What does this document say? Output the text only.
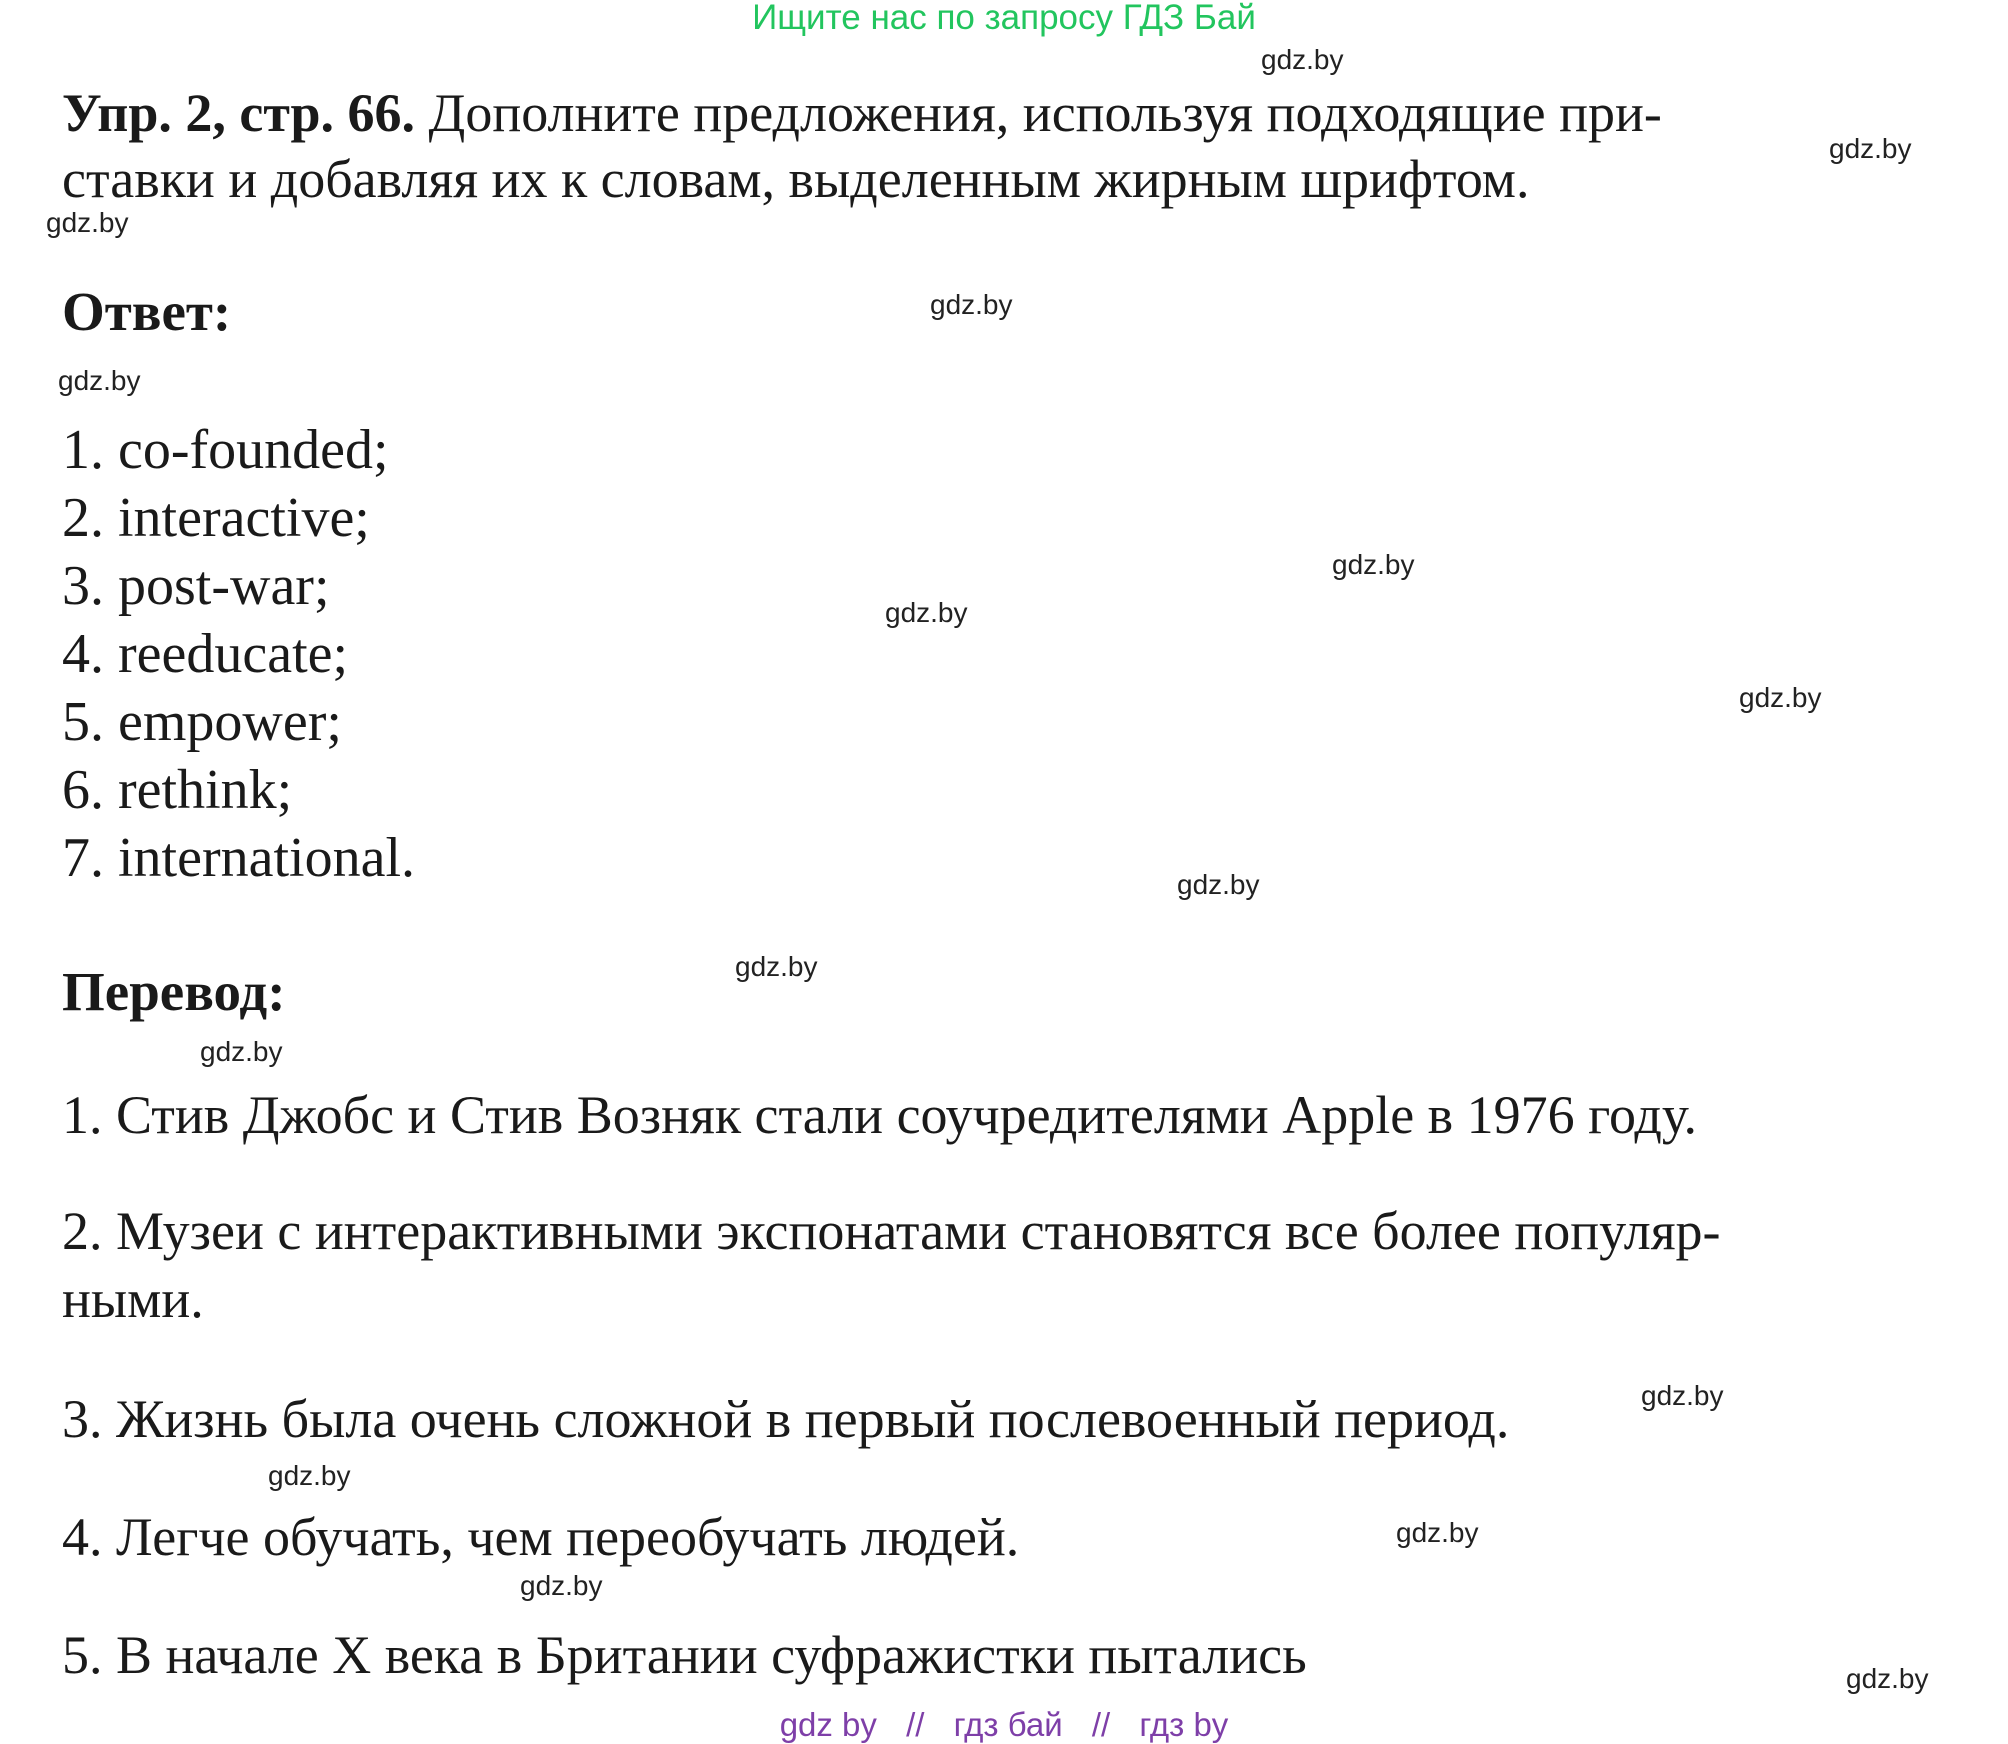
Ищите нас по запросу ГДЗ Бай
Упр. 2, стр. 66. Дополните предложения, используя подходящие при-
ставки и добавляя их к словам, выделенным жирным шрифтом.
Ответ:
1. co-founded;
2. interactive;
3. post-war;
4. reeducate;
5. empower;
6. rethink;
7. international.
Перевод:
1. Стив Джобс и Стив Возняк стали соучредителями Apple в 1976 году.
2. Музеи с интерактивными экспонатами становятся все более популяр-
ными.
3. Жизнь была очень сложной в первый послевоенный период.
4. Легче обучать, чем переобучать людей.
5. В начале X века в Британии суфражистки пытались
gdz.by
gdz.by
gdz.by
gdz.by
gdz.by
gdz.by
gdz.by
gdz.by
gdz.by
gdz.by
gdz.by
gdz.by
gdz.by
gdz.by
gdz.by
gdz.by
gdz by // гдз бай // гдз by
